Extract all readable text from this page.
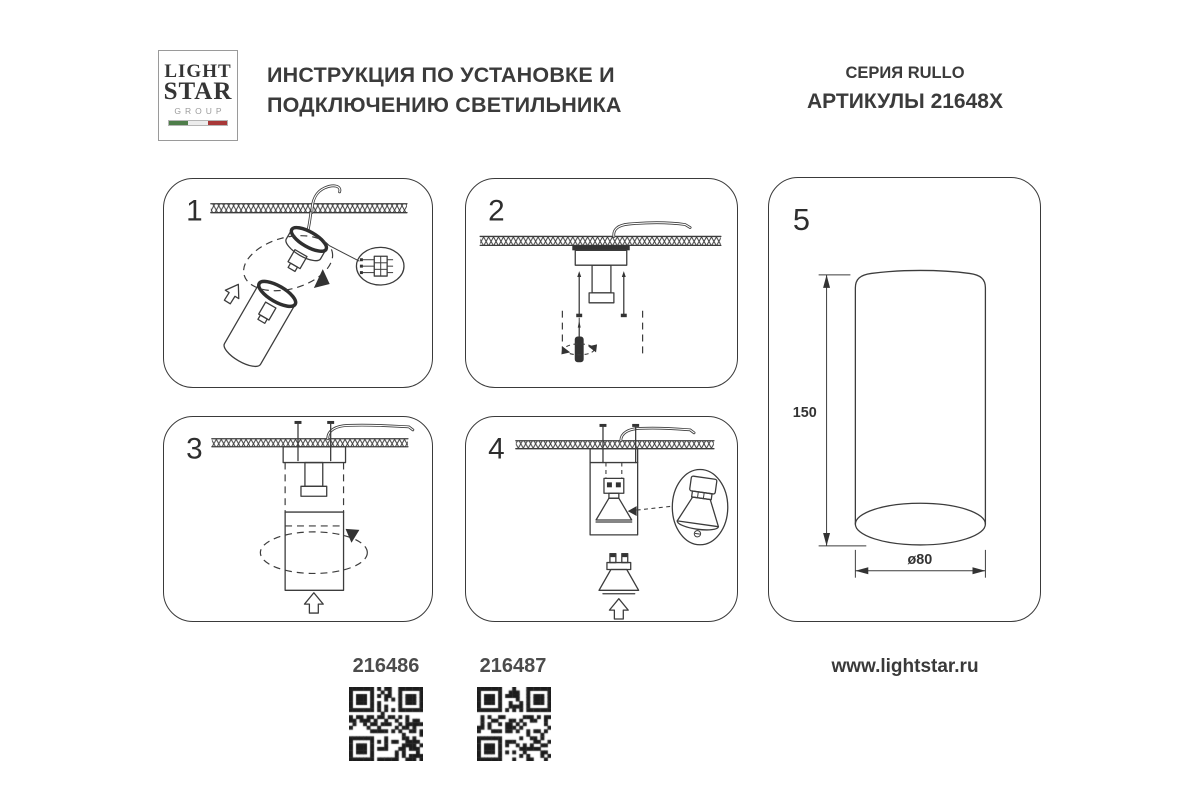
LIGHT
STAR
GROUP
ИНСТРУКЦИЯ ПО УСТАНОВКЕ И
ПОДКЛЮЧЕНИЮ СВЕТИЛЬНИКА
СЕРИЯ RULLO
АРТИКУЛЫ 21648X
1	2
3	4
5
150
ø80
216486	216487	www.lightstar.ru
